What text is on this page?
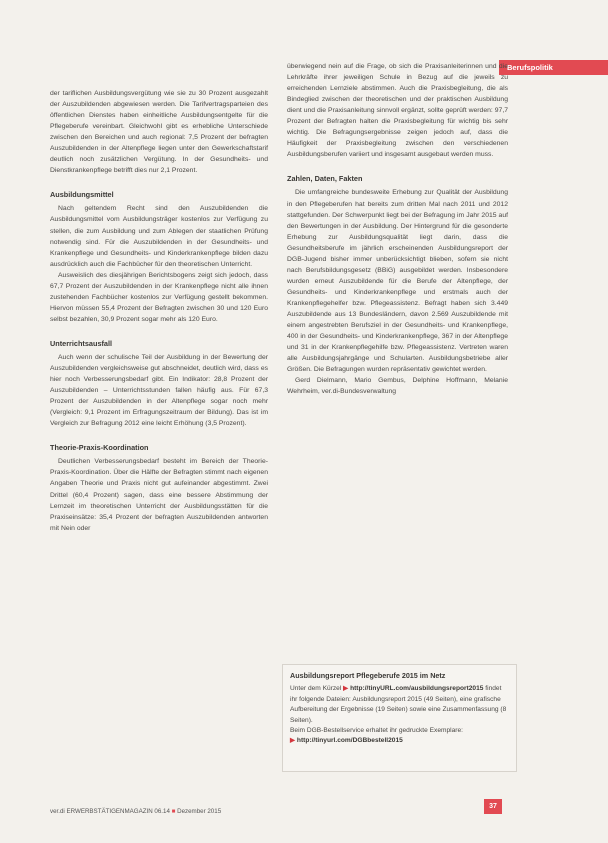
Berufspolitik

der tariflichen Ausbildungsvergütung wie sie zu 30 Prozent ausgezahlt der Auszubildenden abgewiesen werden. Die Tarifvertragsparteien des öffentlichen Dienstes haben einheitliche Ausbildungsentgelte für die Pflegeberufe vereinbart. Gleichwohl gibt es erhebliche Unterschiede zwischen den Bereichen und auch regional: 7,5 Prozent der befragten Auszubildenden in der Altenpflege liegen unter den Gewerkschaftstarif deutlich noch zusätzlichen Vergütung. In der Gesundheits- und Dienstkrankenpflege betrifft dies nur 2,1 Prozent.

Ausbildungsmittel

Nach geltendem Recht sind den Auszubildenden die Ausbildungsmittel vom Ausbildungsträger kostenlos zur Verfügung zu stellen, die zum Ausbildung und zum Ablegen der staatlichen Prüfung notwendig sind. Für die Auszubildenden in der Gesundheits- und Krankenpflege und Gesundheits- und Kinderkrankenpflege bilden dazu ausdrücklich auch die Fachbücher für den theoretischen Unterricht.

Ausweislich des diesjährigen Berichtsbogens zeigt sich jedoch, dass 67,7 Prozent der Auszubildenden in der Krankenpflege nicht alle ihnen zustehenden Fachbücher kostenlos zur Verfügung gestellt bekommen. Hiervon müssen 55,4 Prozent der Befragten zwischen 30 und 120 Euro selbst bezahlen, 30,9 Prozent sogar mehr als 120 Euro.

Unterrichtsausfall

Auch wenn der schulische Teil der Ausbildung in der Bewertung der Auszubildenden vergleichsweise gut abschneidet, deutlich wird, dass es hier noch Verbesserungsbedarf gibt. Ein Indikator: 28,8 Prozent der Auszubildenden – Unterrichtsstunden fallen häufig aus. Für 67,3 Prozent der Auszubildenden in der Altenpflege sogar noch mehr (Vergleich: 9,1 Prozent im Erfragungszeitraum der Bildung). Das ist im Vergleich zur Befragung 2012 eine leicht Erhöhung (3,5 Prozent).

Theorie-Praxis-Koordination

Deutlichen Verbesserungsbedarf besteht im Bereich der Theorie-Praxis-Koordination. Über die Hälfte der Befragten stimmt nach eigenen Angaben Theorie und Praxis nicht gut aufeinander abgestimmt. Zwei Drittel (60,4 Prozent) sagen, dass eine bessere Abstimmung der Lernzeit im theoretischen Unterricht der Ausbildungsstätten für die Praxiseinsätze: 35,4 Prozent der befragten Auszubildenden antworten mit Nein oder

überwiegend nein auf die Frage, ob sich die Praxisanleiterinnen und die Lehrkräfte ihrer jeweiligen Schule in Bezug auf die jeweils zu erreichenden Lernziele abstimmen. Auch die Praxisbegleitung, die als Bindeglied zwischen der theoretischen und der praktischen Ausbildung dient und die Praxisanleitung sinnvoll ergänzt, sollte geprüft werden: 97,7 Prozent der Befragten halten die Praxisbegleitung für wichtig bis sehr wichtig. Die Befragungsergebnisse zeigen jedoch auf, dass die Häufigkeit der Praxisbegleitung zwischen den verschiedenen Ausbildungsberufen variiert und insgesamt ausgebaut werden muss.

Zahlen, Daten, Fakten

Die umfangreiche bundesweite Erhebung zur Qualität der Ausbildung in den Pflegeberufen hat bereits zum dritten Mal nach 2011 und 2012 stattgefunden. Der Schwerpunkt liegt bei der Befragung im Jahr 2015 auf den Bewertungen in der Ausbildung. Der Hintergrund für die gesonderte Erhebung zur Ausbildungsqualität liegt darin, dass die Gesundheitsberufe im jährlich erscheinenden Ausbildungsreport der DGB-Jugend bisher immer unberücksichtigt blieben, sofern sie nicht nach Berufsbildungsgesetz (BBiG) ausgebildet werden. Insbesondere wurden erneut Auszubildende für die Berufe der Altenpflege, der Gesundheits- und Kinderkrankenpflege und erstmals auch der Krankenpflegehelfer bzw. Pflegeassistenz. Befragt haben sich 3.449 Auszubildende aus 13 Bundesländern, davon 2.569 Auszubildende mit einem angestrebten Berufsziel in der Gesundheits- und Krankenpflege, 400 in der Gesundheits- und Kinderkrankenpflege, 367 in der Altenpflege und 31 in der Krankenpflegehilfe bzw. Pflegeassistenz. Vertreten waren alle Ausbildungsjahrgänge und Schularten. Ausbildungsbetriebe aller Größen. Die Befragungen wurden repräsentativ gewichtet werden.

Gerd Dielmann, Mario Gembus, Delphine Hoffmann, Melanie Wehrheim, ver.di-Bundesverwaltung

Ausbildungsreport Pflegeberufe 2015 im Netz

Unter dem Kürzel ▶ http://tinyURL.com/ausbildungsreport2015 findet ihr folgende Dateien: Ausbildungsreport 2015 (49 Seiten), eine grafische Aufbereitung der Ergebnisse (19 Seiten) sowie eine Zusammenfassung (8 Seiten).

Beim DGB-Bestellservice erhaltet ihr gedruckte Exemplare:

▶ http://tinyurl.com/DGBbestell2015

ver.di ERWERBSTÄTIGENMAGAZIN 06.14 ■ Dezember 2015
37
